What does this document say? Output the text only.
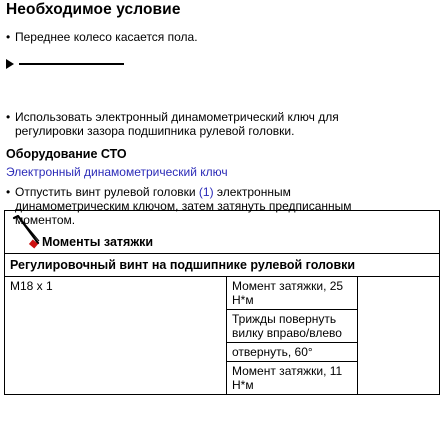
Необходимое условие
• Переднее колесо касается пола.
• Использовать электронный динамометрический ключ для регулировки зазора подшипника рулевой головки.
Оборудование СТО
Электронный динамометрический ключ
• Отпустить винт рулевой головки (1) электронным динамометрическим ключом, затем затянуть предписанным моментом.
Моменты затяжки

Регулировочный винт на подшипнике рулевой головки
M18 x 1	Момент затяжки, 25 Н*м	
Трижды повернуть вилку вправо/влево
отвернуть, 60°
Момент затяжки, 11 Н*м
